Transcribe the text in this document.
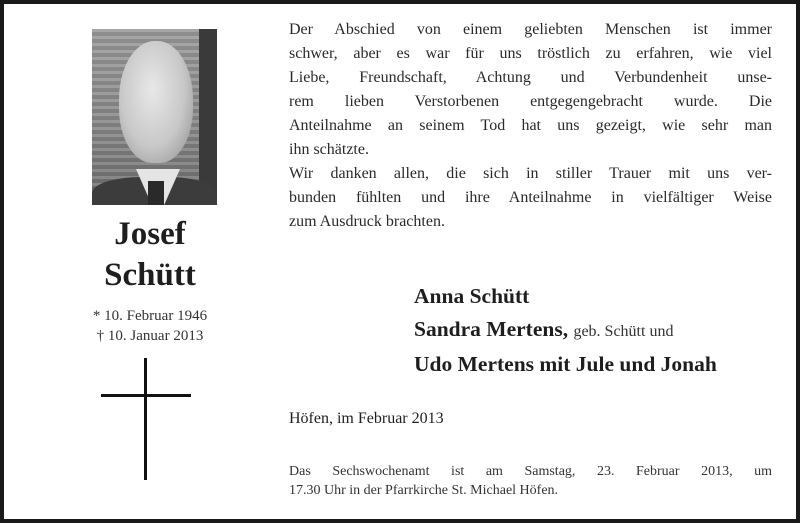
Josef
Schütt
* 10. Februar 1946
† 10. Januar 2013
Der Abschied von einem geliebten Menschen ist immer
schwer, aber es war für uns tröstlich zu erfahren, wie viel
Liebe, Freundschaft, Achtung und Verbundenheit unse-
rem lieben Verstorbenen entgegengebracht wurde. Die
Anteilnahme an seinem Tod hat uns gezeigt, wie sehr man
ihn schätzte.
Wir danken allen, die sich in stiller Trauer mit uns ver-
bunden fühlten und ihre Anteilnahme in vielfältiger Weise
zum Ausdruck brachten.
Anna Schütt
Sandra Mertens, geb. Schütt und
Udo Mertens mit Jule und Jonah
Höfen, im Februar 2013
Das Sechswochenamt ist am Samstag, 23. Februar 2013, um
17.30 Uhr in der Pfarrkirche St. Michael Höfen.
